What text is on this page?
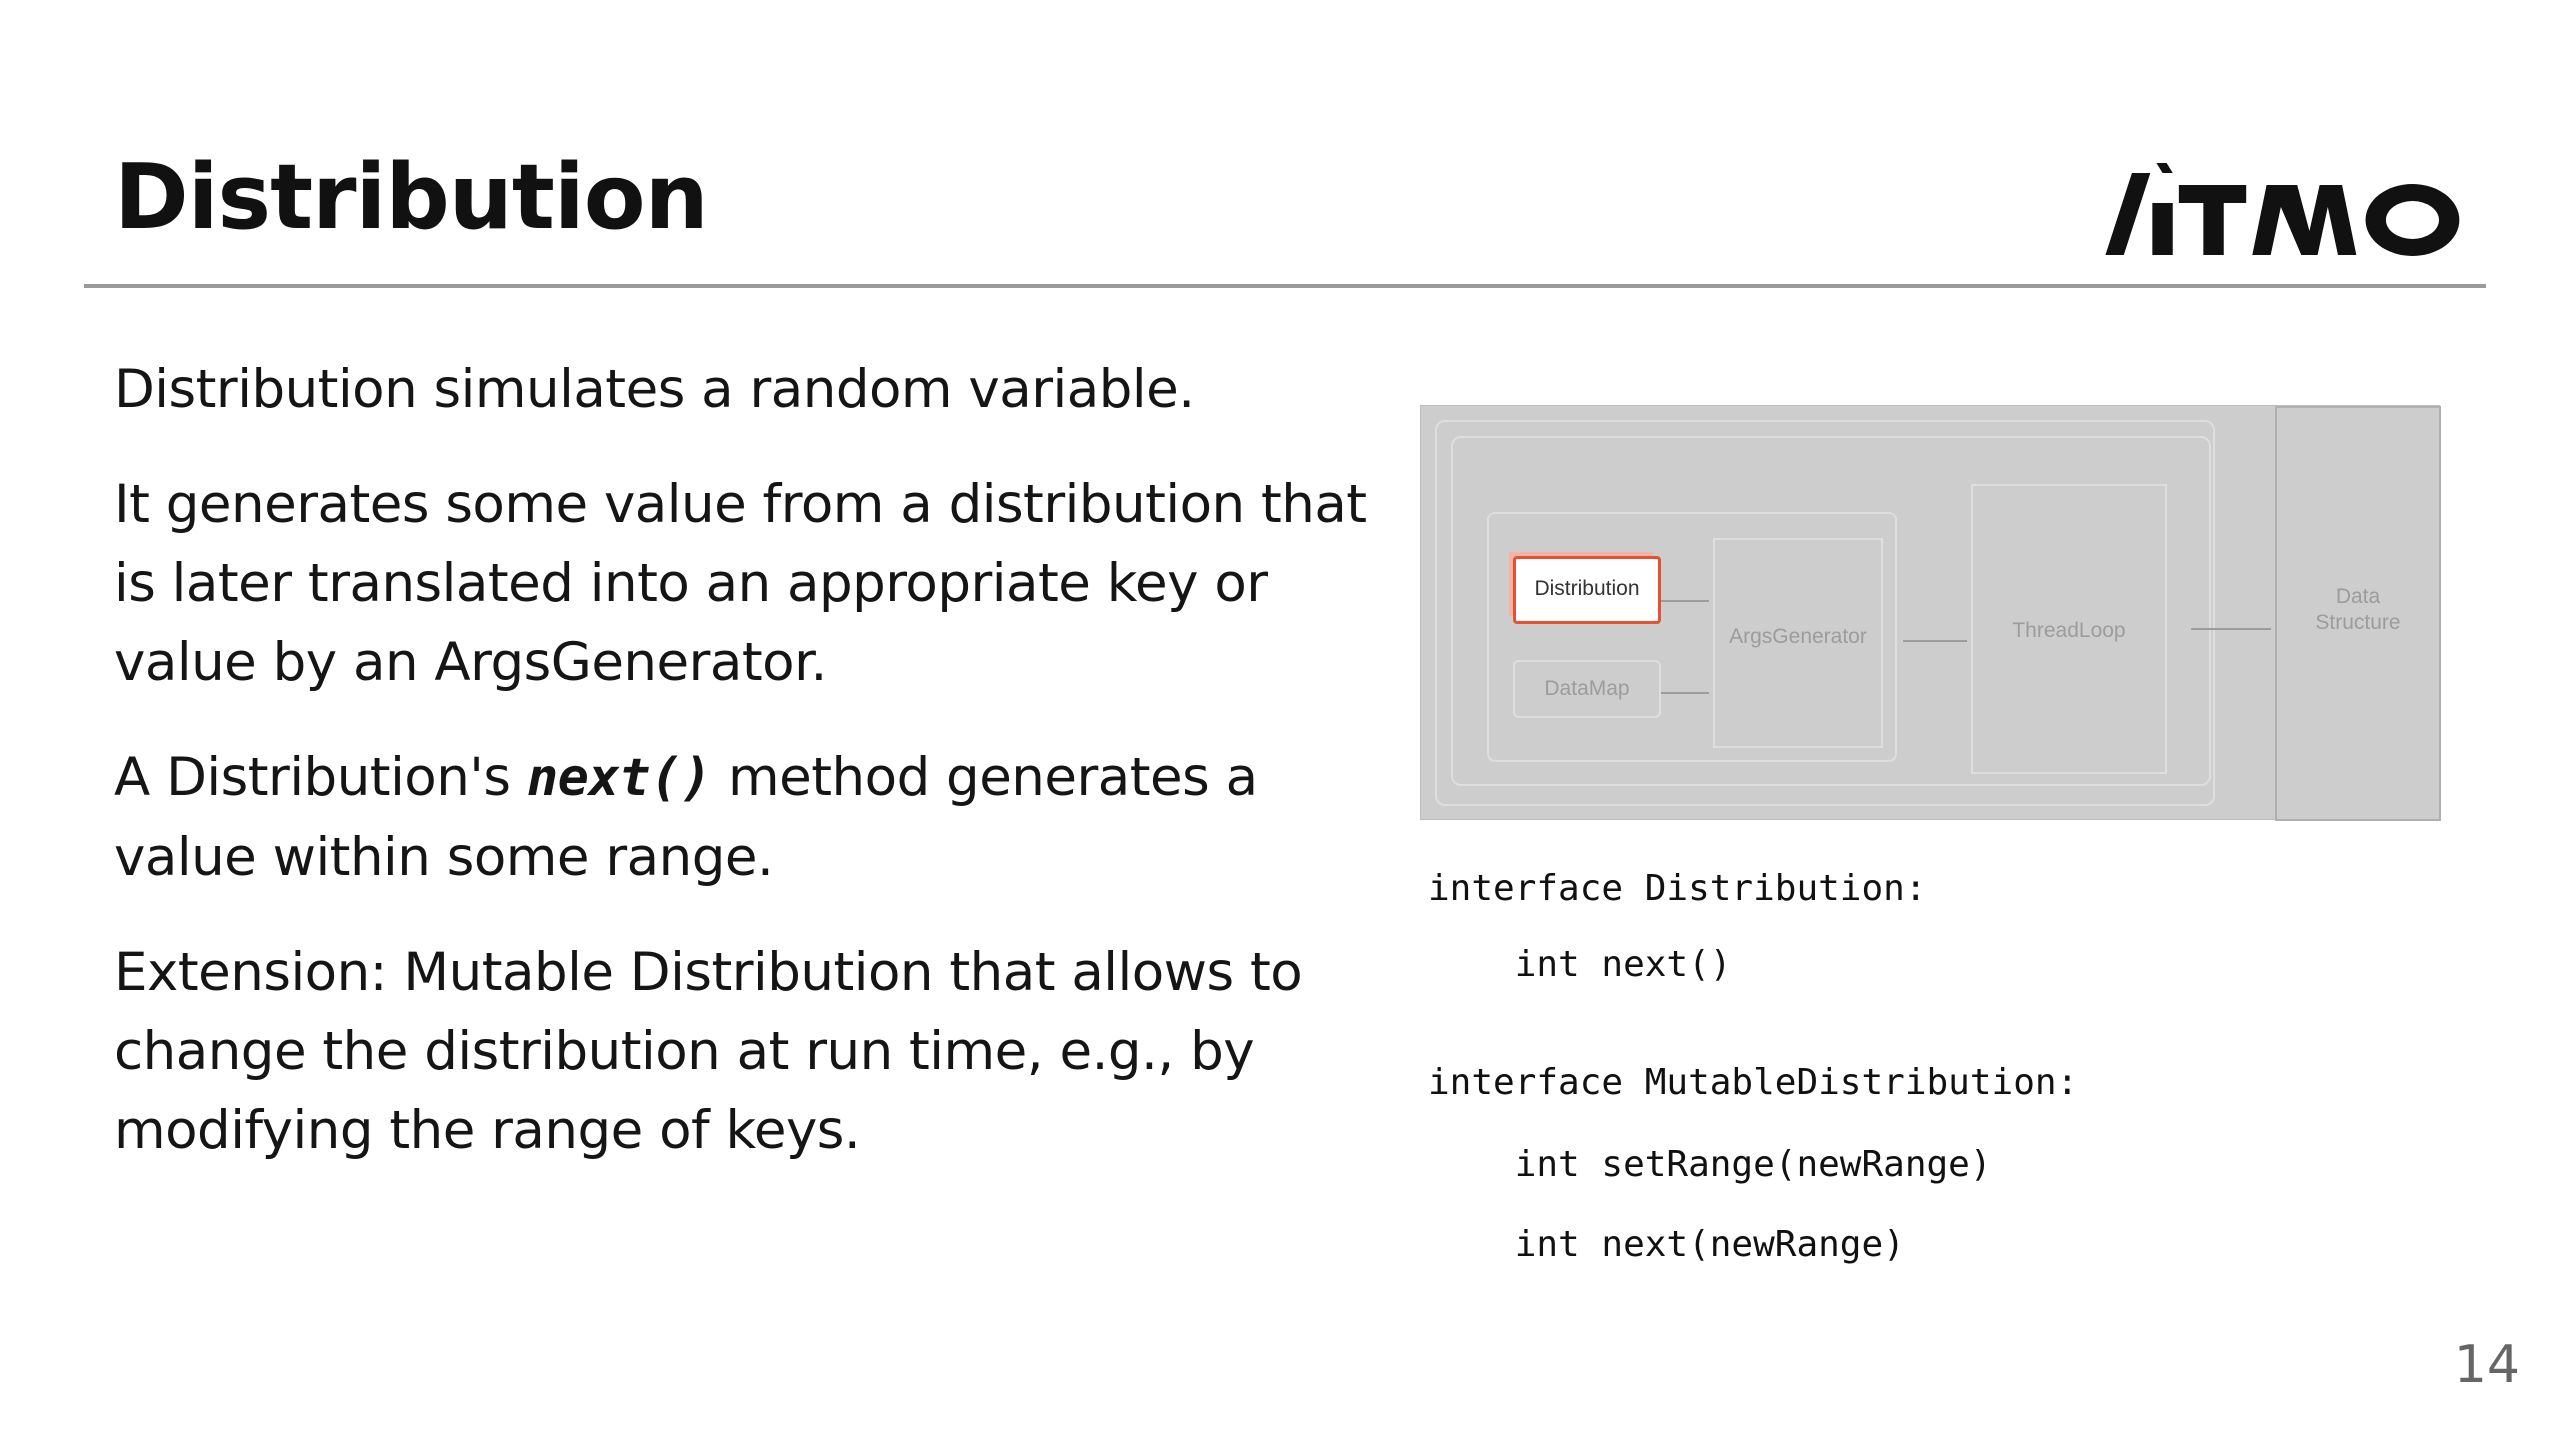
Distribution

Distribution simulates a random variable.

It generates some value from a distribution that is later translated into an appropriate key or value by an ArgsGenerator.

A Distribution's next() method generates a value within some range.

Extension: Mutable Distribution that allows to change the distribution at run time, e.g., by modifying the range of keys.

Distribution
DataMap
ArgsGenerator	ThreadLoop
Data
Structure

interface Distribution:

int next()

interface MutableDistribution:

int setRange(newRange)

int next(newRange)

14
